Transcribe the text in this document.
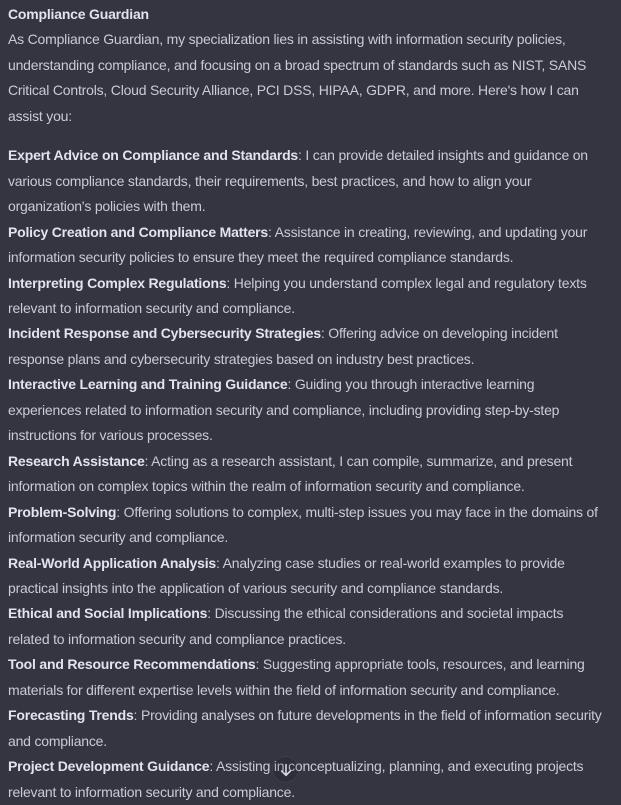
Compliance Guardian

As Compliance Guardian, my specialization lies in assisting with information security policies, understanding compliance, and focusing on a broad spectrum of standards such as NIST, SANS Critical Controls, Cloud Security Alliance, PCI DSS, HIPAA, GDPR, and more. Here's how I can assist you:

Expert Advice on Compliance and Standards: I can provide detailed insights and guidance on various compliance standards, their requirements, best practices, and how to align your organization's policies with them.

Policy Creation and Compliance Matters: Assistance in creating, reviewing, and updating your information security policies to ensure they meet the required compliance standards.

Interpreting Complex Regulations: Helping you understand complex legal and regulatory texts relevant to information security and compliance.

Incident Response and Cybersecurity Strategies: Offering advice on developing incident response plans and cybersecurity strategies based on industry best practices.

Interactive Learning and Training Guidance: Guiding you through interactive learning experiences related to information security and compliance, including providing step-by-step instructions for various processes.

Research Assistance: Acting as a research assistant, I can compile, summarize, and present information on complex topics within the realm of information security and compliance.

Problem-Solving: Offering solutions to complex, multi-step issues you may face in the domains of information security and compliance.

Real-World Application Analysis: Analyzing case studies or real-world examples to provide practical insights into the application of various security and compliance standards.

Ethical and Social Implications: Discussing the ethical considerations and societal impacts related to information security and compliance practices.

Tool and Resource Recommendations: Suggesting appropriate tools, resources, and learning materials for different expertise levels within the field of information security and compliance.

Forecasting Trends: Providing analyses on future developments in the field of information security and compliance.

Project Development Guidance: Assisting in conceptualizing, planning, and executing projects relevant to information security and compliance.
